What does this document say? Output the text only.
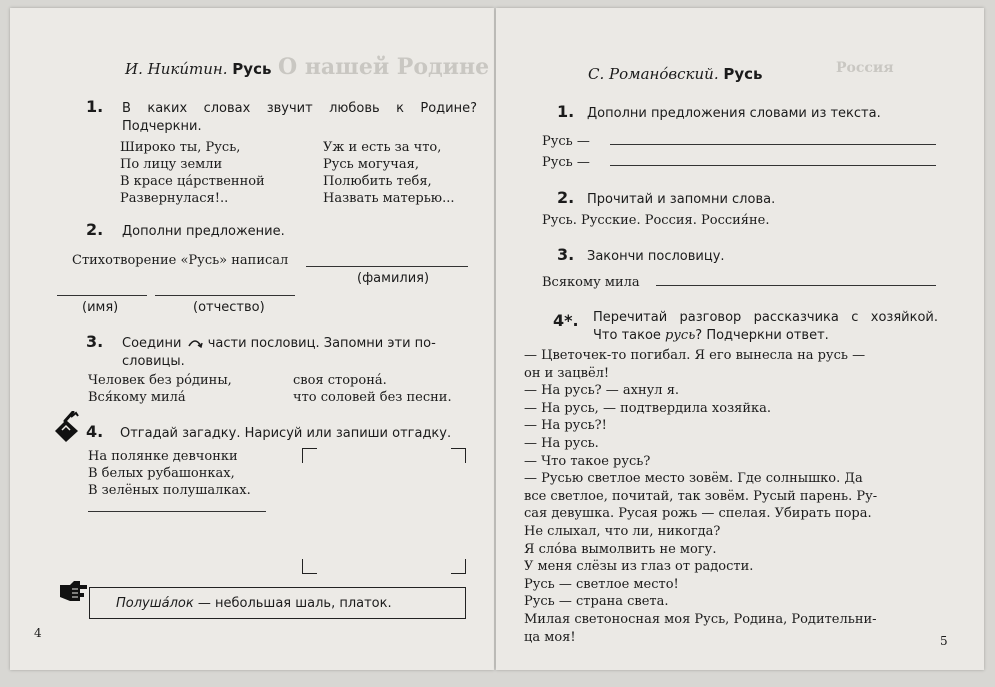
О нашей Родине
И. Никúтин. Русь
1. В каких словах звучит любовь к Родине?
Подчеркни.
Широко ты, Русь,
По лицу земли
В красе цáрственной
Развернулася!..
Уж и есть за что,
Русь могучая,
Полюбить тебя,
Назвать матерью...
2. Дополни предложение.
Стихотворение «Русь» написал
(фамилия)
(имя)	(отчество)
3. Соедини части пословиц. Запомни эти по-
словицы.
Человек без рóдины,
Вся́кому милá
своя сторонá.
что соловей без песни.
4. Отгадай загадку. Нарисуй или запиши отгадку.
На полянке девчонки
В белых рубашонках,
В зелёных полушалках.
Полушáлок — небольшая шаль, платок.
4
Россия
С. Романóвский. Русь
1. Дополни предложения словами из текста.
Русь —
Русь —
2. Прочитай и запомни слова.
Русь. Русские. Россия. Россия́не.
3. Закончи пословицу.
Всякому мила
4*. Перечитай разговор рассказчика с хозяйкой.
Что такое русь? Подчеркни ответ.
— Цветочек-то погибал. Я его вынесла на русь —
он и зацвёл!
— На русь? — ахнул я.
— На русь, — подтвердила хозяйка.
— На русь?!
— На русь.
— Что такое русь?
— Русью светлое место зовём. Где солнышко. Да
все светлое, почитай, так зовём. Русый парень. Ру-
сая девушка. Русая рожь — спелая. Убирать пора.
Не слыхал, что ли, никогда?
Я слóва вымолвить не могу.
У меня слёзы из глаз от радости.
Русь — светлое место!
Русь — страна света.
Милая светоносная моя Русь, Родина, Родительни-
ца моя!	5
